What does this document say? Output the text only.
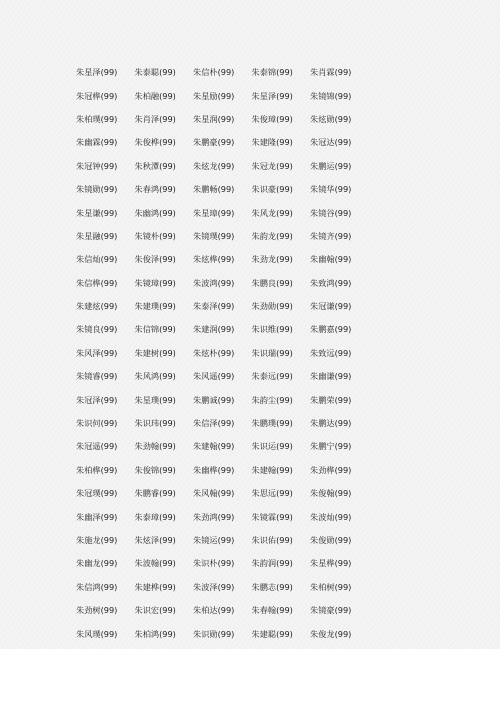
朱星泽(99)	朱泰聪(99)	朱信朴(99)	朱泰锦(99)	朱肖霖(99)
朱冠桦(99)	朱柏融(99)	朱星励(99)	朱星泽(99)	朱镜锦(99)
朱柏璞(99)	朱肖泽(99)	朱星润(99)	朱俊璋(99)	朱炫勋(99)
朱幽霖(99)	朱俊桦(99)	朱鹏豪(99)	朱建隆(99)	朱冠达(99)
朱冠钟(99)	朱秋潭(99)	朱炫龙(99)	朱冠龙(99)	朱鹏运(99)
朱镜勋(99)	朱春鸿(99)	朱鹏畅(99)	朱识豪(99)	朱镜华(99)
朱星谦(99)	朱幽鸿(99)	朱星璋(99)	朱风龙(99)	朱镜谷(99)
朱星融(99)	朱镜朴(99)	朱镜璞(99)	朱韵龙(99)	朱镜齐(99)
朱信灿(99)	朱俊泽(99)	朱炫桦(99)	朱劲龙(99)	朱幽翰(99)
朱信桦(99)	朱镜璋(99)	朱波鸿(99)	朱鹏良(99)	朱致鸿(99)
朱建炫(99)	朱建璞(99)	朱泰泽(99)	朱劲勋(99)	朱冠谦(99)
朱镜良(99)	朱信锦(99)	朱建润(99)	朱识维(99)	朱鹏嘉(99)
朱风泽(99)	朱建树(99)	朱炫朴(99)	朱识瑞(99)	朱致远(99)
朱镜睿(99)	朱风鸿(99)	朱风遥(99)	朱泰远(99)	朱幽谦(99)
朱冠泽(99)	朱星璞(99)	朱鹏诚(99)	朱韵尘(99)	朱鹏荣(99)
朱识何(99)	朱识玮(99)	朱信泽(99)	朱鹏璞(99)	朱鹏达(99)
朱冠遥(99)	朱劲翰(99)	朱建翰(99)	朱识运(99)	朱鹏宁(99)
朱柏桦(99)	朱俊锦(99)	朱幽桦(99)	朱建翰(99)	朱劲桦(99)
朱冠璞(99)	朱鹏睿(99)	朱风翰(99)	朱思远(99)	朱俊翰(99)
朱幽泽(99)	朱泰璋(99)	朱劲鸿(99)	朱镜霖(99)	朱波灿(99)
朱施龙(99)	朱炫泽(99)	朱镜运(99)	朱识佑(99)	朱俊勋(99)
朱幽龙(99)	朱波翰(99)	朱识朴(99)	朱韵润(99)	朱星桦(99)
朱信鸿(99)	朱建桦(99)	朱波泽(99)	朱鹏志(99)	朱柏树(99)
朱劲树(99)	朱识宏(99)	朱柏达(99)	朱春翰(99)	朱镜豪(99)
朱风璞(99)	朱柏鸿(99)	朱识勋(99)	朱建聪(99)	朱俊龙(99)
